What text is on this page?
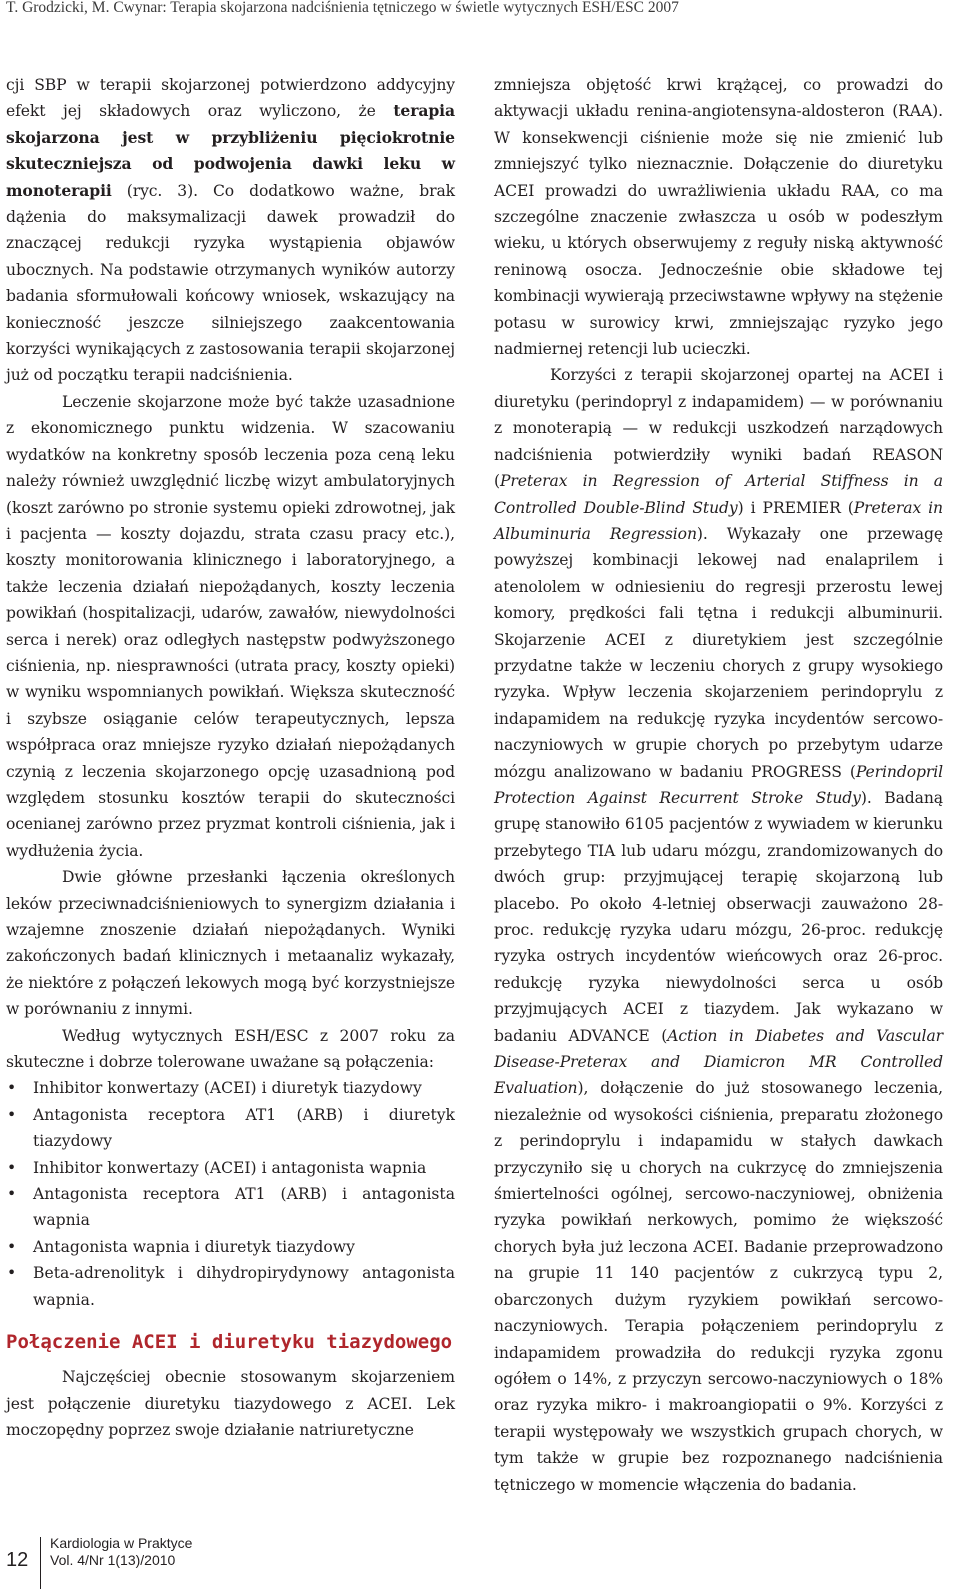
T. Grodzicki, M. Cwynar: Terapia skojarzona nadciśnienia tętniczego w świetle wytycznych ESH/ESC 2007

cji SBP w terapii skojarzonej potwierdzono addycyjny efekt jej składowych oraz wyliczono, że terapia skojarzona jest w przybliżeniu pięciokrotnie skuteczniejsza od podwojenia dawki leku w monoterapii (ryc. 3). Co dodatkowo ważne, brak dążenia do maksymalizacji dawek prowadził do znaczącej redukcji ryzyka wystąpienia objawów ubocznych. Na podstawie otrzymanych wyników autorzy badania sformułowali końcowy wniosek, wskazujący na konieczność jeszcze silniejszego zaakcentowania korzyści wynikających z zastosowania terapii skojarzonej już od początku terapii nadciśnienia.

Leczenie skojarzone może być także uzasadnione z ekonomicznego punktu widzenia. W szacowaniu wydatków na konkretny sposób leczenia poza ceną leku należy również uwzględnić liczbę wizyt ambulatoryjnych (koszt zarówno po stronie systemu opieki zdrowotnej, jak i pacjenta — koszty dojazdu, strata czasu pracy etc.), koszty monitorowania klinicznego i laboratoryjnego, a także leczenia działań niepożądanych, koszty leczenia powikłań (hospitalizacji, udarów, zawałów, niewydolności serca i nerek) oraz odległych następstw podwyższonego ciśnienia, np. niesprawności (utrata pracy, koszty opieki) w wyniku wspomnianych powikłań. Większa skuteczność i szybsze osiąganie celów terapeutycznych, lepsza współpraca oraz mniejsze ryzyko działań niepożądanych czynią z leczenia skojarzonego opcję uzasadnioną pod względem stosunku kosztów terapii do skuteczności ocenianej zarówno przez pryzmat kontroli ciśnienia, jak i wydłużenia życia.

Dwie główne przesłanki łączenia określonych leków przeciwnadciśnieniowych to synergizm działania i wzajemne znoszenie działań niepożądanych. Wyniki zakończonych badań klinicznych i metaanaliz wykazały, że niektóre z połączeń lekowych mogą być korzystniejsze w porównaniu z innymi.

Według wytycznych ESH/ESC z 2007 roku za skuteczne i dobrze tolerowane uważane są połączenia:

• Inhibitor konwertazy (ACEI) i diuretyk tiazydowy
• Antagonista receptora AT1 (ARB) i diuretyk tiazydowy
• Inhibitor konwertazy (ACEI) i antagonista wapnia
• Antagonista receptora AT1 (ARB) i antagonista wapnia
• Antagonista wapnia i diuretyk tiazydowy
• Beta-adrenolityk i dihydropirydynowy antagonista wapnia.
Połączenie ACEI i diuretyku tiazydowego

Najczęściej obecnie stosowanym skojarzeniem jest połączenie diuretyku tiazydowego z ACEI. Lek moczopędny poprzez swoje działanie natriuretyczne

zmniejsza objętość krwi krążącej, co prowadzi do aktywacji układu renina-angiotensyna-aldosteron (RAA). W konsekwencji ciśnienie może się nie zmienić lub zmniejszyć tylko nieznacznie. Dołączenie do diuretyku ACEI prowadzi do uwrażliwienia układu RAA, co ma szczególne znaczenie zwłaszcza u osób w podeszłym wieku, u których obserwujemy z reguły niską aktywność reninową osocza. Jednocześnie obie składowe tej kombinacji wywierają przeciwstawne wpływy na stężenie potasu w surowicy krwi, zmniejszając ryzyko jego nadmiernej retencji lub ucieczki.

Korzyści z terapii skojarzonej opartej na ACEI i diuretyku (perindopryl z indapamidem) — w porównaniu z monoterapią — w redukcji uszkodzeń narządowych nadciśnienia potwierdziły wyniki badań REASON (Preterax in Regression of Arterial Stiffness in a Controlled Double-Blind Study) i PREMIER (Preterax in Albuminuria Regression). Wykazały one przewagę powyższej kombinacji lekowej nad enalaprilem i atenololem w odniesieniu do regresji przerostu lewej komory, prędkości fali tętna i redukcji albuminurii. Skojarzenie ACEI z diuretykiem jest szczególnie przydatne także w leczeniu chorych z grupy wysokiego ryzyka. Wpływ leczenia skojarzeniem perindoprylu z indapamidem na redukcję ryzyka incydentów sercowo-naczyniowych w grupie chorych po przebytym udarze mózgu analizowano w badaniu PROGRESS (Perindopril Protection Against Recurrent Stroke Study). Badaną grupę stanowiło 6105 pacjentów z wywiadem w kierunku przebytego TIA lub udaru mózgu, zrandomizowanych do dwóch grup: przyjmującej terapię skojarzoną lub placebo. Po około 4-letniej obserwacji zauważono 28-proc. redukcję ryzyka udaru mózgu, 26-proc. redukcję ryzyka ostrych incydentów wieńcowych oraz 26-proc. redukcję ryzyka niewydolności serca u osób przyjmujących ACEI z tiazydem. Jak wykazano w badaniu ADVANCE (Action in Diabetes and Vascular Disease-Preterax and Diamicron MR Controlled Evaluation), dołączenie do już stosowanego leczenia, niezależnie od wysokości ciśnienia, preparatu złożonego z perindoprylu i indapamidu w stałych dawkach przyczyniło się u chorych na cukrzycę do zmniejszenia śmiertelności ogólnej, sercowo-naczyniowej, obniżenia ryzyka powikłań nerkowych, pomimo że większość chorych była już leczona ACEI. Badanie przeprowadzono na grupie 11 140 pacjentów z cukrzycą typu 2, obarczonych dużym ryzykiem powikłań sercowo-naczyniowych. Terapia połączeniem perindoprylu z indapamidem prowadziła do redukcji ryzyka zgonu ogółem o 14%, z przyczyn sercowo-naczyniowych o 18% oraz ryzyka mikro- i makroangiopatii o 9%. Korzyści z terapii występowały we wszystkich grupach chorych, w tym także w grupie bez rozpoznanego nadciśnienia tętniczego w momencie włączenia do badania.

12
Kardiologia w Praktyce
Vol. 4/Nr 1(13)/2010
